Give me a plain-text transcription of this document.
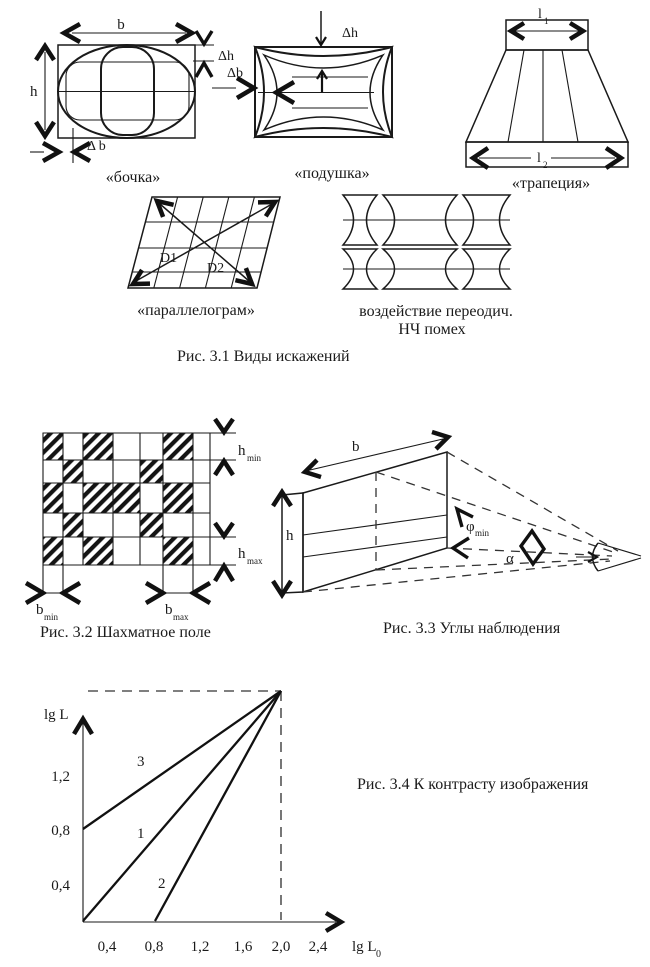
b
h
Δh
Δ b
«бочка»
Δh
Δb
«подушка»
l 1
l 2
«трапеция»
D1
D2
«параллелограм»	воздействие переодич.
НЧ помех
Рис. 3.1 Виды искажений
h min
h max
b min	b max
Рис. 3.2 Шахматное поле
b
h
φ min
α
Рис. 3.3 Углы наблюдения
lg L
3
1
2
0,4
0,8
1,2
0,4 0,8 1,2 1,6 2,0 2,4 lg L 0
Рис. 3.4 К контрасту изображения
